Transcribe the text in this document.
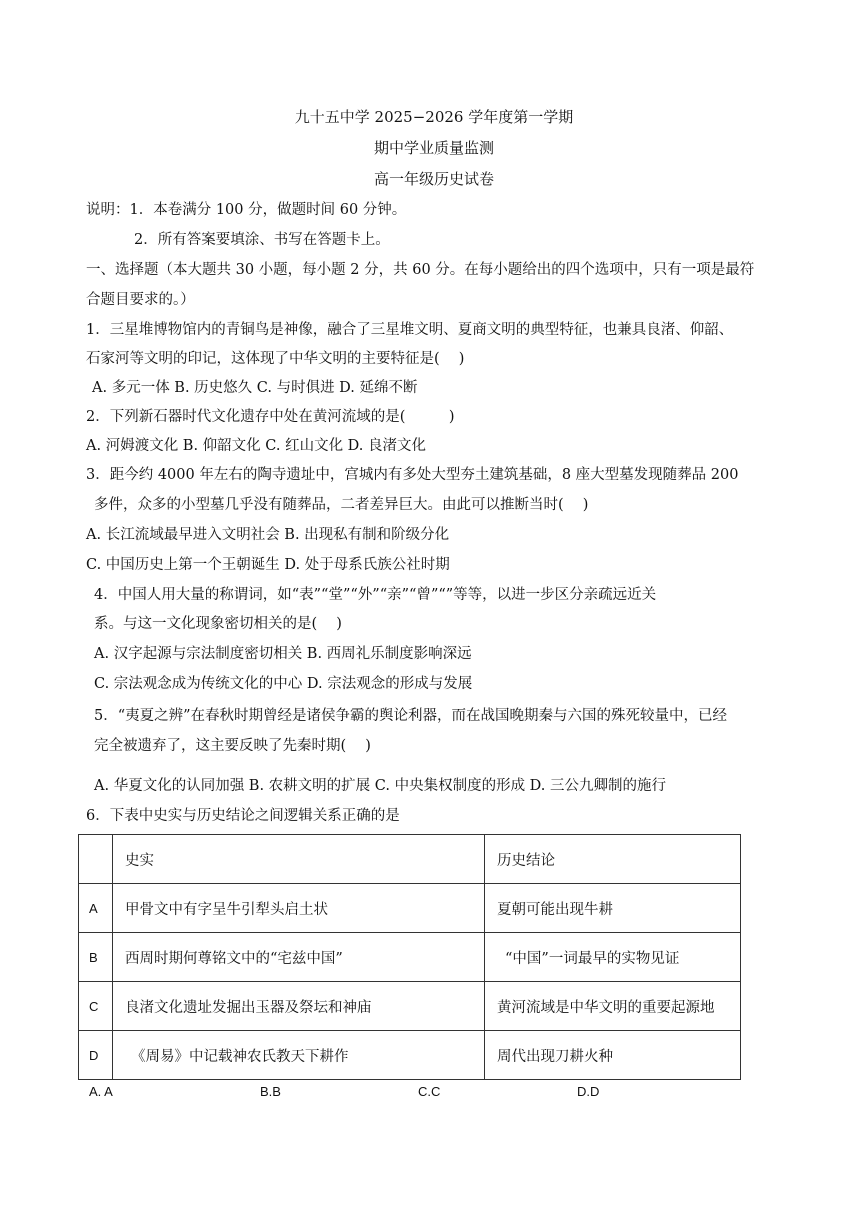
九十五中学 2025−2026 学年度第一学期
期中学业质量监测
高一年级历史试卷
说明：1．本卷满分 100 分，做题时间 60 分钟。
2．所有答案要填涂、书写在答题卡上。
一、选择题（本大题共 30 小题，每小题 2 分，共 60 分。在每小题给出的四个选项中，只有一项是最符
合题目要求的。）
1．三星堆博物馆内的青铜鸟是神像，融合了三星堆文明、夏商文明的典型特征，也兼具良渚、仰韶、
石家河等文明的印记，这体现了中华文明的主要特征是(　 )
A. 多元一体 B. 历史悠久 C. 与时俱进 D. 延绵不断
2．下列新石器时代文化遗存中处在黄河流域的是(　　　)
A. 河姆渡文化 B. 仰韶文化 C. 红山文化 D. 良渚文化
3．距今约 4000 年左右的陶寺遗址中，宫城内有多处大型夯土建筑基础，8 座大型墓发现随葬品 200
多件，众多的小型墓几乎没有随葬品，二者差异巨大。由此可以推断当时(　 )
A. 长江流域最早进入文明社会 B. 出现私有制和阶级分化
C. 中国历史上第一个王朝诞生 D. 处于母系氏族公社时期
4．中国人用大量的称谓词，如“表”“堂”“外”“亲”“曾”“”等等，以进一步区分亲疏远近关
系。与这一文化现象密切相关的是(　 )
A. 汉字起源与宗法制度密切相关 B. 西周礼乐制度影响深远
C. 宗法观念成为传统文化的中心 D. 宗法观念的形成与发展
5．“夷夏之辨”在春秋时期曾经是诸侯争霸的舆论利器，而在战国晚期秦与六国的殊死较量中，已经
完全被遗弃了，这主要反映了先秦时期(　 )
A. 华夏文化的认同加强 B. 农耕文明的扩展 C. 中央集权制度的形成 D. 三公九卿制的施行
6．下表中史实与历史结论之间逻辑关系正确的是
	史实	历史结论
A	甲骨文中有字呈牛引犁头启土状	夏朝可能出现牛耕
B	西周时期何尊铭文中的“宅兹中国”	“中国”一词最早的实物见证
C	良渚文化遗址发掘出玉器及祭坛和神庙	黄河流域是中华文明的重要起源地
D	《周易》中记载神农氏教天下耕作	周代出现刀耕火种
A. A	B.B	C.C	D.D
